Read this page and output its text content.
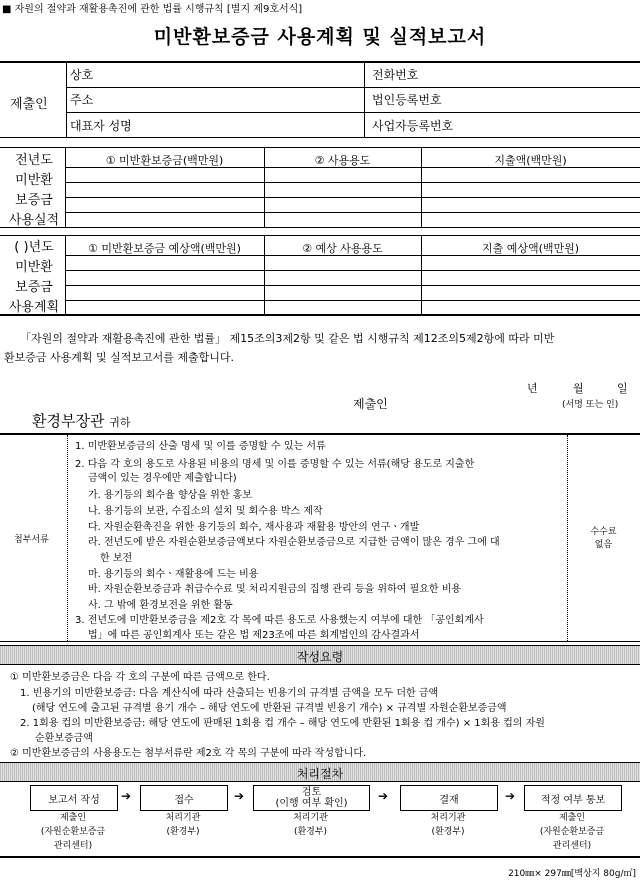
■ 자원의 절약과 재활용촉진에 관한 법률 시행규칙 [별지 제9호서식]
미반환보증금 사용계획 및 실적보고서
제출인
상호	전화번호
주소	법인등록번호
대표자 성명	사업자등록번호
전년도
미반환
보증금
사용실적
① 미반환보증금(백만원)	② 사용용도	지출액(백만원)
( )년도
미반환
보증금
사용계획
① 미반환보증금 예상액(백만원)	② 예상 사용용도	지출 예상액(백만원)
「자원의 절약과 재활용촉진에 관한 법률」 제15조의3제2항 및 같은 법 시행규칙 제12조의5제2항에 따라 미반
환보증금 사용계획 및 실적보고서를 제출합니다.
년	월	일
제출인	(서명 또는 인)
환경부장관 귀하
첨부서류
수수료
없음
1. 미반환보증금의 산출 명세 및 이를 증명할 수 있는 서류
2. 다음 각 호의 용도로 사용된 비용의 명세 및 이를 증명할 수 있는 서류(해당 용도로 지출한
금액이 있는 경우에만 제출합니다)
가. 용기등의 회수율 향상을 위한 홍보
나. 용기등의 보관, 수집소의 설치 및 회수용 박스 제작
다. 자원순환촉진을 위한 용기등의 회수, 재사용과 재활용 방안의 연구ㆍ개발
라. 전년도에 받은 자원순환보증금액보다 자원순환보증금으로 지급한 금액이 많은 경우 그에 대
한 보전
마. 용기등의 회수ㆍ재활용에 드는 비용
바. 자원순환보증금과 취급수수료 및 처리지원금의 집행 관리 등을 위하여 필요한 비용
사. 그 밖에 환경보전을 위한 활동
3. 전년도에 미반환보증금을 제2호 각 목에 따른 용도로 사용했는지 여부에 대한 「공인회계사
법」에 따른 공인회계사 또는 같은 법 제23조에 따른 회계법인의 감사결과서
작성요령
① 미반환보증금은 다음 각 호의 구분에 따른 금액으로 한다.
1. 빈용기의 미반환보증금: 다음 계산식에 따라 산출되는 빈용기의 규격별 금액을 모두 더한 금액
(해당 연도에 출고된 규격별 용기 개수 – 해당 연도에 반환된 규격별 빈용기 개수) × 규격별 자원순환보증금액
2. 1회용 컵의 미반환보증금: 해당 연도에 판매된 1회용 컵 개수 – 해당 연도에 반환된 1회용 컵 개수) × 1회용 컵의 자원
순환보증금액
② 미반환보증금의 사용용도는 첨부서류란 제2호 각 목의 구분에 따라 작성합니다.
처리절차
보고서 작성	➔	접수	➔	검토
(이행 여부 확인)
➔	결재	➔	적정 여부 통보
제출인
(자원순환보증금
관리센터)
처리기관
(환경부)
처리기관
(환경부)
처리기관
(환경부)
제출인
(자원순환보증금
관리센터)
210㎜× 297㎜[백상지 80g/㎡]
